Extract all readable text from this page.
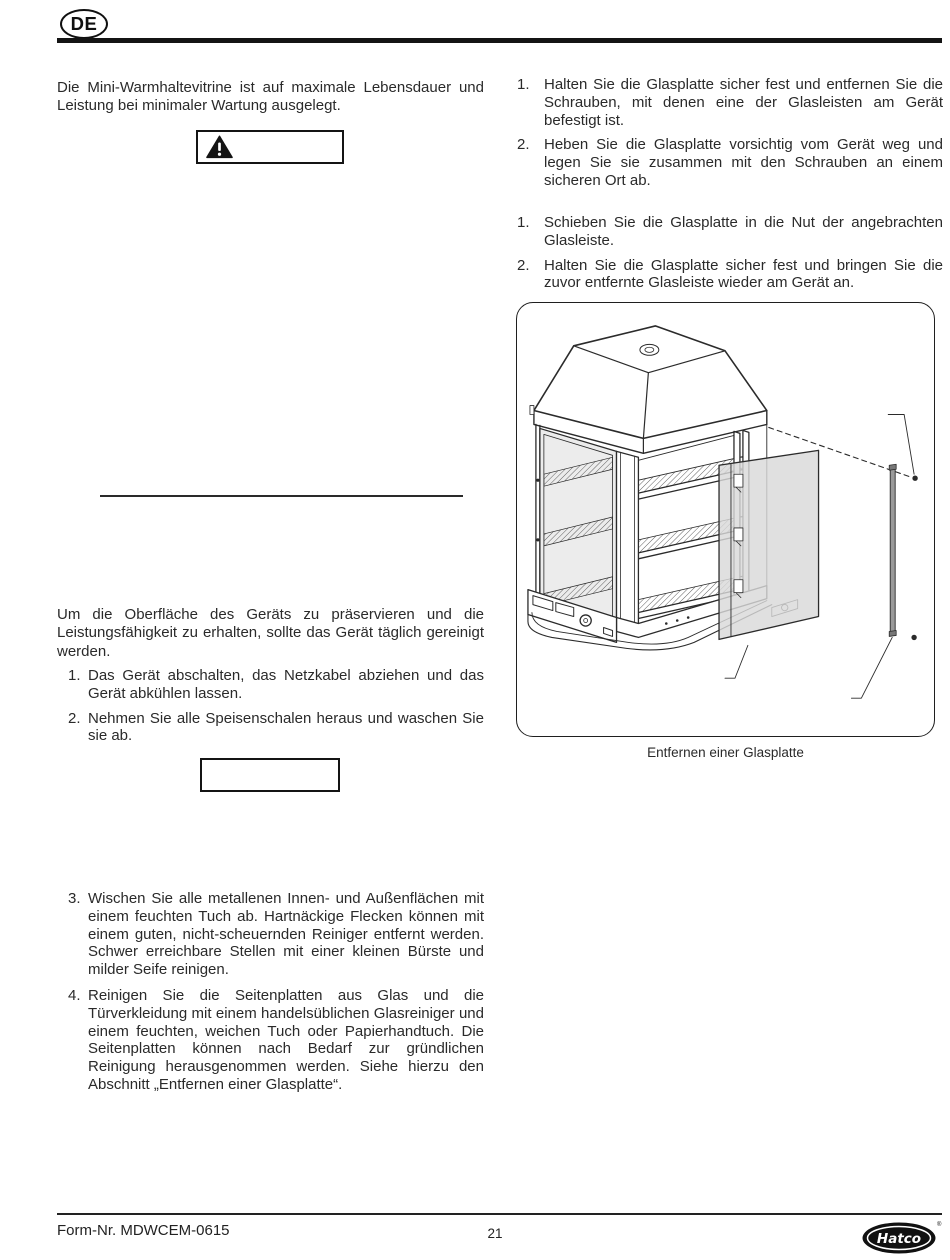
DE
Die Mini-Warmhaltevitrine ist auf maximale Lebensdauer und Leistung bei minimaler Wartung ausgelegt.
Um die Oberfläche des Geräts zu präservieren und die Leistungsfähigkeit zu erhalten, sollte das Gerät täglich gereinigt werden.
1. Das Gerät abschalten, das Netzkabel abziehen und das Gerät abkühlen lassen.
2. Nehmen Sie alle Speisenschalen heraus und waschen Sie sie ab.
3. Wischen Sie alle metallenen Innen- und Außenflächen mit einem feuchten Tuch ab. Hartnäckige Flecken können mit einem guten, nicht-scheuernden Reiniger entfernt werden. Schwer erreichbare Stellen mit einer kleinen Bürste und milder Seife reinigen.
4. Reinigen Sie die Seitenplatten aus Glas und die Türverkleidung mit einem handelsüblichen Glasreiniger und einem feuchten, weichen Tuch oder Papierhandtuch. Die Seitenplatten können nach Bedarf zur gründlichen Reinigung herausgenommen werden. Siehe hierzu den Abschnitt „Entfernen einer Glasplatte“.
1. Halten Sie die Glasplatte sicher fest und entfernen Sie die Schrauben, mit denen eine der Glasleisten am Gerät befestigt ist.
2. Heben Sie die Glasplatte vorsichtig vom Gerät weg und legen Sie sie zusammen mit den Schrauben an einem sicheren Ort ab.
1. Schieben Sie die Glasplatte in die Nut der angebrachten Glasleiste.
2. Halten Sie die Glasplatte sicher fest und bringen Sie die zuvor entfernte Glasleiste wieder am Gerät an.
Entfernen einer Glasplatte
Form-Nr. MDWCEM-0615	21	Hatco
®
